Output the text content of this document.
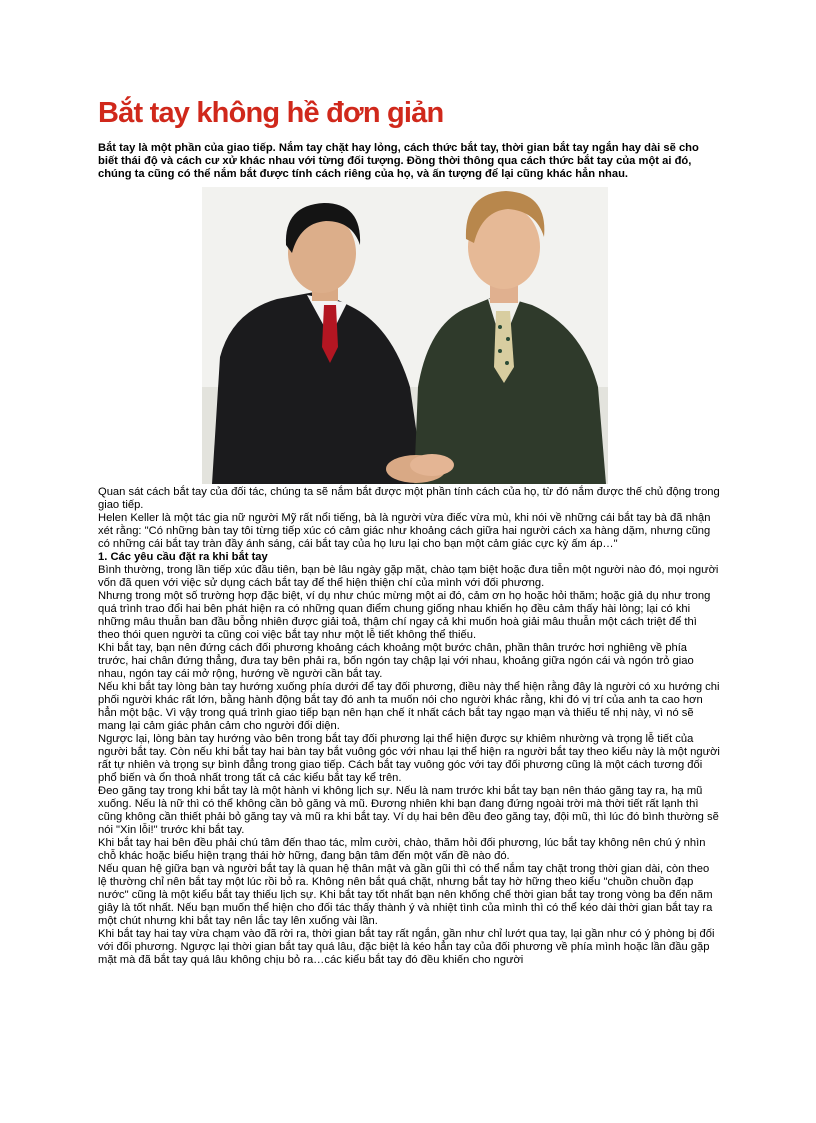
Bắt tay không hề đơn giản

Bắt tay là một phần của giao tiếp. Nắm tay chặt hay lỏng, cách thức bắt tay, thời gian bắt tay ngắn hay dài sẽ cho biết thái độ và cách cư xử khác nhau với từng đối tượng. Đồng thời thông qua cách thức bắt tay của một ai đó, chúng ta cũng có thể nắm bắt được tính cách riêng của họ, và ấn tượng để lại cũng khác hẳn nhau.

Quan sát cách bắt tay của đối tác, chúng ta sẽ nắm bắt được một phần tính cách của họ, từ đó nắm được thế chủ động trong giao tiếp.

Helen Keller là một tác gia nữ người Mỹ rất nổi tiếng, bà là người vừa điếc vừa mù, khi nói về những cái bắt tay bà đã nhận xét rằng: "Có những bàn tay tôi từng tiếp xúc có cảm giác như khoảng cách giữa hai người cách xa hàng dặm, nhưng cũng có những cái bắt tay tràn đầy ánh sáng, cái bắt tay của họ lưu lại cho bạn một cảm giác cực kỳ ấm áp…"

1. Các yêu cầu đặt ra khi bắt tay

Bình thường, trong lần tiếp xúc đầu tiên, bạn bè lâu ngày gặp mặt, chào tạm biệt hoặc đưa tiễn một người nào đó, mọi người vốn đã quen với việc sử dụng cách bắt tay để thể hiện thiện chí của mình với đối phương.

Nhưng trong một số trường hợp đặc biệt, ví dụ như chúc mừng một ai đó, cảm ơn họ hoặc hỏi thăm; hoặc giả dụ như trong quá trình trao đổi hai bên phát hiện ra có những quan điểm chung giống nhau khiến họ đều cảm thấy hài lòng; lại có khi những mâu thuẫn ban đầu bỗng nhiên được giải toả, thậm chí ngay cả khi muốn hoà giải mâu thuẫn một cách triệt để thì theo thói quen người ta cũng coi việc bắt tay như một lễ tiết không thể thiếu.

Khi bắt tay, bạn nên đứng cách đối phương khoảng cách khoảng một bước chân, phần thân trước hơi nghiêng về phía trước, hai chân đứng thẳng, đưa tay bên phải ra, bốn ngón tay chập lại với nhau, khoảng giữa ngón cái và ngón trỏ giao nhau, ngón tay cái mở rộng, hướng về người cần bắt tay.

Nếu khi bắt tay lòng bàn tay hướng xuống phía dưới để tay đối phương, điều này thể hiện rằng đây là người có xu hướng chi phối người khác rất lớn, bằng hành động bắt tay đó anh ta muốn nói cho người khác rằng, khi đó vị trí của anh ta cao hơn hẳn một bậc. Vì vậy trong quá trình giao tiếp bạn nên hạn chế ít nhất cách bắt tay ngạo mạn và thiếu tế nhị này, vì nó sẽ mang lại cảm giác phản cảm cho người đối diện.

Ngược lại, lòng bàn tay hướng vào bên trong bắt tay đối phương lại thể hiện được sự khiêm nhường và trọng lễ tiết của người bắt tay. Còn nếu khi bắt tay hai bàn tay bắt vuông góc với nhau lại thể hiện ra người bắt tay theo kiểu này là một người rất tự nhiên và trọng sự bình đẳng trong giao tiếp. Cách bắt tay vuông góc với tay đối phương cũng là một cách tương đối phổ biến và ổn thoả nhất trong tất cả các kiểu bắt tay kể trên.

Đeo găng tay trong khi bắt tay là một hành vi không lịch sự. Nếu là nam trước khi bắt tay bạn nên tháo găng tay ra, hạ mũ xuống. Nếu là nữ thì có thể không cần bỏ găng và mũ. Đương nhiên khi bạn đang đứng ngoài trời mà thời tiết rất lạnh thì cũng không cần thiết phải bỏ găng tay và mũ ra khi bắt tay. Ví dụ hai bên đều đeo găng tay, đội mũ, thì lúc đó bình thường sẽ nói "Xin lỗi!" trước khi bắt tay.

Khi bắt tay hai bên đều phải chú tâm đến thao tác, mỉm cười, chào, thăm hỏi đối phương, lúc bắt tay không nên chú ý nhìn chỗ khác hoặc biểu hiện trạng thái hờ hững, đang bận tâm đến một vấn đề nào đó.

Nếu quan hệ giữa bạn và người bắt tay là quan hệ thân mật và gần gũi thì có thể nắm tay chặt trong thời gian dài, còn theo lệ thường chỉ nên bắt tay một lúc rồi bỏ ra. Không nên bắt quá chặt, nhưng bắt tay hờ hững theo kiểu "chuồn chuồn đạp nước" cũng là một kiểu bắt tay thiếu lịch sự. Khi bắt tay tốt nhất bạn nên khống chế thời gian bắt tay trong vòng ba đến năm giây là tốt nhất. Nếu bạn muốn thể hiện cho đối tác thấy thành ý và nhiệt tình của mình thì có thể kéo dài thời gian bắt tay ra một chút nhưng khi bắt tay nên lắc tay lên xuống vài lần.

Khi bắt tay hai tay vừa chạm vào đã rời ra, thời gian bắt tay rất ngắn, gần như chỉ lướt qua tay, lại gần như có ý phòng bị đối với đối phương. Ngược lại thời gian bắt tay quá lâu, đặc biệt là kéo hẳn tay của đối phương về phía mình hoặc lần đầu gặp mặt mà đã bắt tay quá lâu không chịu bỏ ra…các kiểu bắt tay đó đều khiến cho người
